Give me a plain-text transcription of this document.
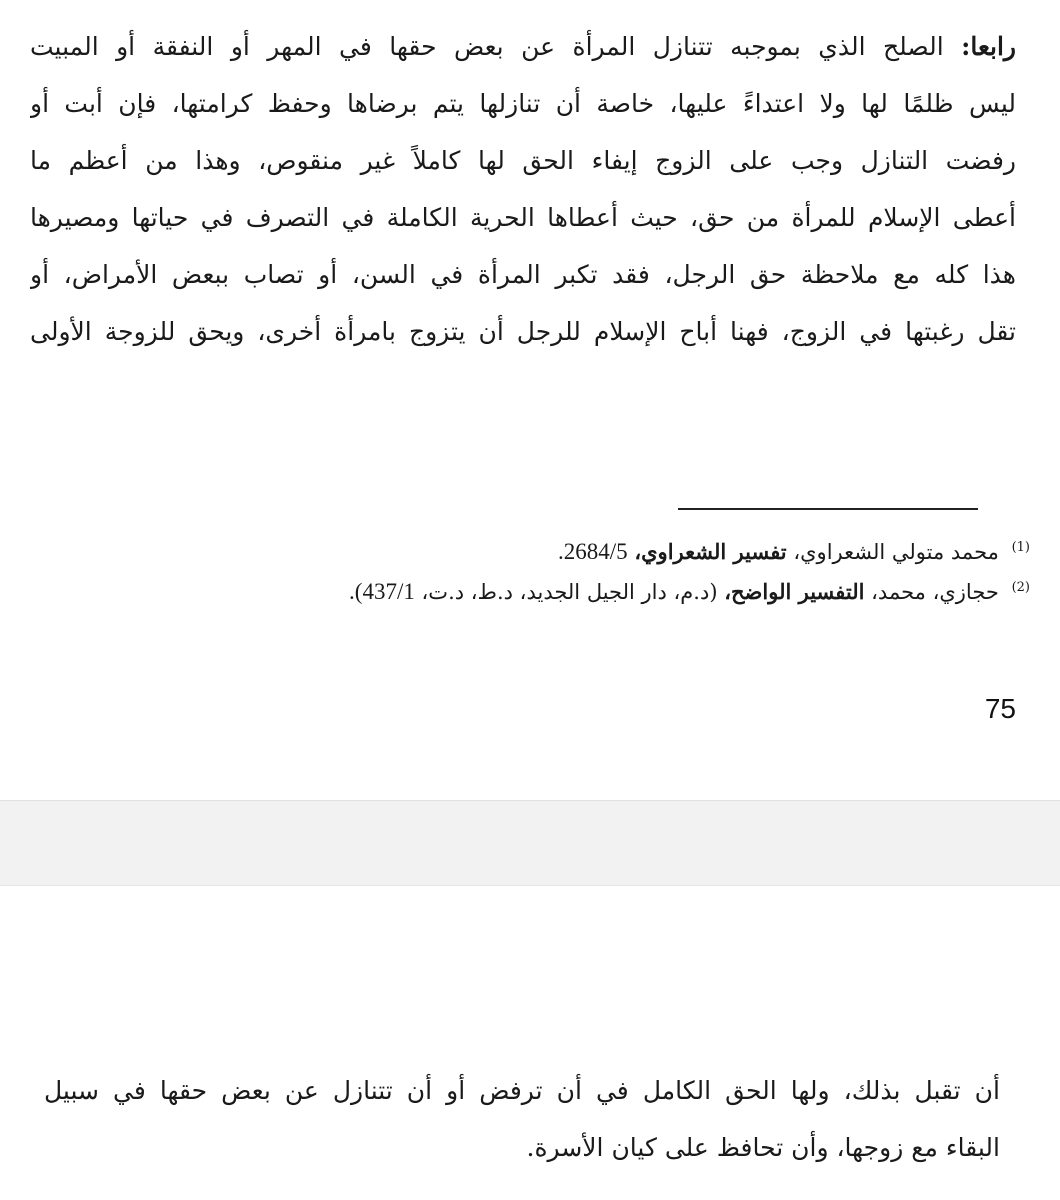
رابعا: الصلح الذي بموجبه تتنازل المرأة عن بعض حقها في المهر أو النفقة أو المبيت
ليس ظلمًا لها ولا اعتداءً عليها، خاصة أن تنازلها يتم برضاها وحفظ كرامتها، فإن أبت أو
رفضت التنازل وجب على الزوج إيفاء الحق لها كاملاً غير منقوص، وهذا من أعظم ما
أعطى الإسلام للمرأة من حق، حيث أعطاها الحرية الكاملة في التصرف في حياتها ومصيرها
هذا كله مع ملاحظة حق الرجل، فقد تكبر المرأة في السن، أو تصاب ببعض الأمراض، أو
تقل رغبتها في الزوج، فهنا أباح الإسلام للرجل أن يتزوج بامرأة أخرى، ويحق للزوجة الأولى
$^{(1)}$ محمد متولي الشعراوي، تفسير الشعراوي، 2684/5.
$^{(2)}$ حجازي، محمد، التفسير الواضح، (د.م، دار الجيل الجديد، د.ط، د.ت، 437/1).
75
أن تقبل بذلك، ولها الحق الكامل في أن ترفض أو أن تتنازل عن بعض حقها في سبيل
البقاء مع زوجها، وأن تحافظ على كيان الأسرة.
